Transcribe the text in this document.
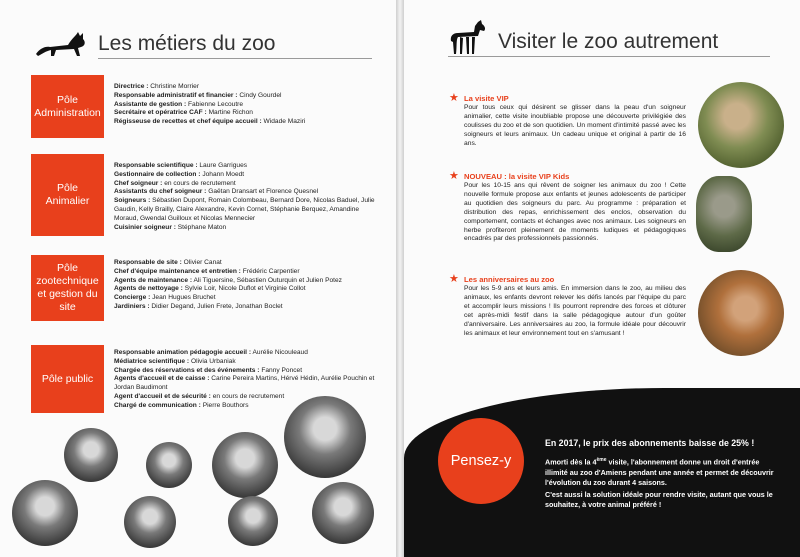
Les métiers du zoo
Pôle Administration
Directrice : Christine Morrier
Responsable administratif et financier : Cindy Gourdel
Assistante de gestion : Fabienne Lecoutre
Secrétaire et opératrice CAF : Martine Richon
Régisseuse de recettes et chef équipe accueil : Widade Maziri
Pôle Animalier
Responsable scientifique : Laure Garrigues
Gestionnaire de collection : Johann Moedt
Chef soigneur : en cours de recrutement
Assistants du chef soigneur : Gaëtan Dransart et Florence Quesnel
Soigneurs : Sébastien Dupont, Romain Colombeau, Bernard Dore, Nicolas Baduel, Julie Gaudin, Kelly Brailly, Claire Alexandre, Kevin Cornet, Stéphanie Berquez, Amandine Moraud, Gwendal Guilloux et Nicolas Mennecier
Cuisinier soigneur : Stéphane Maton
Pôle zootechnique et gestion du site
Responsable de site : Olivier Canat
Chef d'équipe maintenance et entretien : Frédéric Carpentier
Agents de maintenance : Ali Tiguersine, Sébastien Outurquin et Julien Potez
Agents de nettoyage : Sylvie Loir, Nicole Duflot et Virginie Collot
Concierge : Jean Hugues Bruchet
Jardiniers : Didier Degand, Julien Frete, Jonathan Boclet
Pôle public
Responsable animation pédagogie accueil : Aurélie Nicouleaud
Médiatrice scientifique : Olivia Urbaniak
Chargée des réservations et des événements : Fanny Poncet
Agents d'accueil et de caisse : Carine Pereira Martins, Hérvé Hédin, Aurélie Pouchin et Jordan Baudimont
Agent d'accueil et de sécurité : en cours de recrutement
Chargé de communication : Pierre Bouthors
Visiter le zoo autrement
★ La visite VIP
Pour tous ceux qui désirent se glisser dans la peau d'un soigneur animalier, cette visite inoubliable propose une découverte privilégiée des coulisses du zoo et de son quotidien. Un moment d'intimité passé avec les soigneurs et leurs animaux. Un cadeau unique et original à partir de 16 ans.
★ NOUVEAU : la visite VIP Kids
Pour les 10-15 ans qui rêvent de soigner les animaux du zoo ! Cette nouvelle formule propose aux enfants et jeunes adolescents de participer au quotidien des soigneurs du parc. Au programme : préparation et distribution des repas, enrichissement des enclos, observation du comportement, contacts et échanges avec nos animaux. Les soigneurs en herbe profiteront pleinement de moments ludiques et pédagogiques encadrés par des professionnels passionnés.
★ Les anniversaires au zoo
Pour les 5-9 ans et leurs amis. En immersion dans le zoo, au milieu des animaux, les enfants devront relever les défis lancés par l'équipe du parc et accomplir leurs missions ! Ils pourront reprendre des forces et clôturer cet après-midi festif dans la salle pédagogique autour d'un goûter d'anniversaire. Les anniversaires au zoo, la formule idéale pour découvrir les animaux et leur environnement tout en s'amusant !
Pensez-y
En 2017, le prix des abonnements baisse de 25% !

Amorti dès la 4ème visite, l'abonnement donne un droit d'entrée illimité au zoo d'Amiens pendant une année et permet de découvrir l'évolution du zoo durant 4 saisons.

C'est aussi la solution idéale pour rendre visite, autant que vous le souhaitez, à votre animal préféré !
